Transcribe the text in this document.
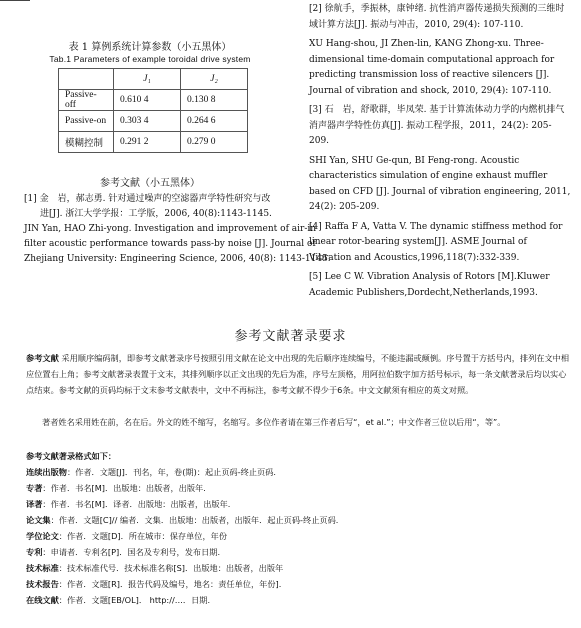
表 1 算例系统计算参数（小五黑体）
Tab.1 Parameters of example toroidal drive system
	J₁	J₂
Passive-off	0.610 4	0.130 8
Passive-on	0.303 4	0.264 6
模糊控制	0.291 2	0.279 0
参考文献（小五黑体）
[1] 金　岩，郝志勇. 针对通过噪声的空滤器声学特性研究与改
进[J]. 浙江大学学报：工学版，2006, 40(8):1143-1145.
JIN Yan, HAO Zhi-yong. Investigation and improvement of air-in
filter acoustic performance towards pass-by noise [J]. Journal of
Zhejiang University: Engineering Science, 2006, 40(8): 1143-1145.

[2] 徐航手，季振林，康钟绪. 抗性消声器传递损失预测的三维时域计算方法[J]. 振动与冲击，2010, 29(4): 107-110.

XU Hang-shou, JI Zhen-lin, KANG Zhong-xu. Three-dimensional time-domain computational approach for predicting transmission loss of reactive silencers [J]. Journal of vibration and shock, 2010, 29(4): 107-110.

[3] 石　岩，舒歌群，毕凤荣. 基于计算流体动力学的内燃机排气消声器声学特性仿真[J]. 振动工程学报，2011，24(2): 205-209.

SHI Yan, SHU Ge-qun, BI Feng-rong. Acoustic characteristics simulation of engine exhaust muffler based on CFD [J]. Journal of vibration engineering, 2011, 24(2): 205-209.

[4] Raffa F A, Vatta V. The dynamic stiffness method for linear rotor-bearing system[J]. ASME Journal of Vibration and Acoustics,1996,118(7):332-339.

[5] Lee C W. Vibration Analysis of Rotors [M].Kluwer Academic Publishers,Dordecht,Netherlands,1993.

参考文献著录要求
参考文献 采用顺序编码制，即参考文献著录序号按照引用文献在论文中出现的先后顺序连续编号，不能违漏或颠倒。序号置于方括号内，排列在文中相应位置右上角；参考文献著录表置于文末，其排列顺序以正文出现的先后为准，序号左顶格，用阿拉伯数字加方括号标示，每一条文献著录后均以实心点结束。参考文献的页码均标于文末参考文献表中，文中不再标注，参考文献不得少于6条。中文文献须有相应的英文对照。
著者姓名采用姓在前，名在后。外文的姓不缩写，名缩写。多位作者请在第三作者后写“，et al.”；中文作者三位以后用“，等”。
参考文献著录格式如下：
连续出版物：作者．文题[J]．刊名，年，卷(期)：起止页码-终止页码.
专著：作者．书名[M]．出版地：出版者，出版年.
译著：作者．书名[M]．译者．出版地：出版者，出版年.
论文集：作者．文题[C]// 编者．文集．出版地：出版者，出版年．起止页码-终止页码.
学位论文：作者．文题[D]．所在城市：保存单位，年份
专利：申请者．专利名[P]．国名及专利号，发布日期.
技术标准：技术标准代号．技术标准名称[S]．出版地：出版者，出版年
技术报告：作者．文题[R]．报告代码及编号，地名：责任单位，年份].
在线文献：作者．文题[EB/OL]． http://…．日期.
